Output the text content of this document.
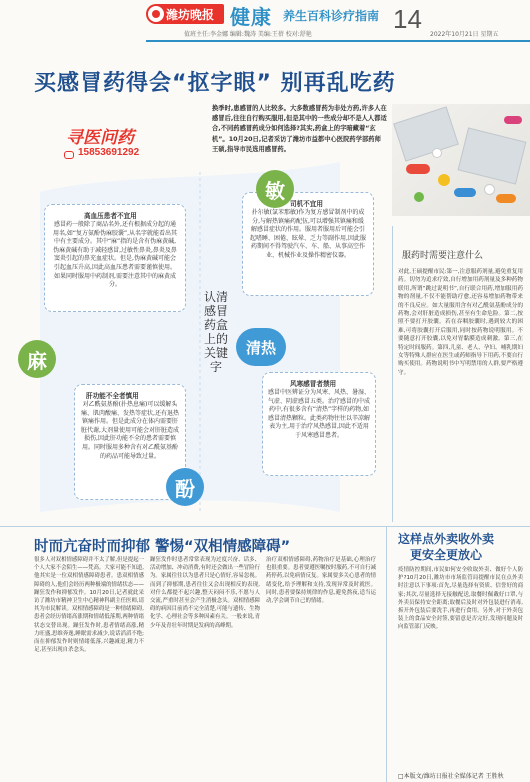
潍坊晚报 健康 养生百科诊疗指南 14
值班主任:李金娜 编辑:魏涛 美编:王蓓 校对:舒艳	2022年10月21日 星期五
买感冒药得会“抠字眼” 别再乱吃药
换季时,患感冒的人比较多。大多数感冒药为非处方药,许多人在感冒后,往往自行购买服用,但是其中的一些成分却不是人人都适合,不同药感冒药成分如何选择?其实,药盒上的字暗藏着“玄机”。10月20日,记者采访了潍坊市益都中心医院药学部药师王硕,指导市民选用感冒药。
寻医问药
15853691292
高血压患者不宜用
感冒药一般除了商品名外,还有根据成分起的通用名,如“复方氨酚伪麻胶囊”,从名字就能看出其中有主要成分。其中“麻”指的是含有伪麻黄碱,伪麻黄碱有助于减轻感冒,过敏性鼻炎,鼻炎及鼻窦炎引起的鼻充血症状。但是,伪麻黄碱可能会引起血压升高,因此高血压患者需要谨慎使用。如果同时服用中药制剂,需要注意其中的麻黄成分。
麻
司机不宜用
扑尔敏(氯苯那敏)作为复方感冒制剂中的成分,与解热镇痛药配伍,可以增强其镇痛和缓解感冒症状的作用。服用者服用后可能会引起嗜睡、困倦、眩晕、乏力等副作用,因此服药期间不得驾驶汽车、车、船、从事高空作业、机械作业及操作精密仪器。
敏
认清感冒药盒上的关键字
肝功能不全者慎用
对乙酰氨基酚(扑热息痛)可以缓解头痛、肌肉酸痛、发热等症状,还有退热镇痛作用。但是此成分在体内需要肝脏代谢,大剂量使用可能会对肝脏造成损伤,因此肝功能不全的患者需要慎用。同时服用多种含有对乙酰氨基酚的药品可能导致过量。
酚
风寒感冒者禁用
感冒中医辨证分为风寒、风热、暑湿、气虚、阴虚感冒五类。治疗感冒的中成药中,有很多含有“清热”字样的药物,如感冒清热颗粒。此类药物往往以辛凉解表为主,用于治疗风热感冒,因此不适用于风寒感冒患者。
清热
服药时需要注意什么
对此,王硕提醒市民:第一,注意服药剂量,避免重复用药。切勿为追求疗效,自行增加用药剂量及多种药物联用,所谓“跳过说明书”,自行联合用药,增加服用药物的剂量,不仅不能帮助疗愈,还容易增加药物带来的不良反应。如大量服用含有对乙酰氨基酚成分的药物,会对肝脏造成损伤,甚至有生命危险。第二,按照不要打开胶囊。若在吞咽胶囊时,遇到较大的困难,可将胶囊打开后服用,同时按药物说明服用。不要随意打开胶囊,以免对胃黏膜造成刺激。第三,在特定时间服药。第四,儿童、老人、孕妇、哺乳期妇女等特殊人群应在医生或药师指导下用药,不要自行购买使用。药物说明书中写明禁用的人群,要严格遵守。
时而亢奋时而抑郁 警惕“双相情感障碍”
很多人对双相情感障碍并不太了解,但是提起一个人大家不会陌生——梵高。大家可能不知道,他其实是一位双相情感障碍患者。患双相情感障碍的人,他们会经历两种极端的情绪状态——躁狂发作和抑郁发作。10月20日,记者就此采访了潍坊市精神卫生中心精神科副主任医师,请其为市民解读。双相情感障碍是一种情绪障碍,患者会经历情绪高涨期和情绪低落期,两种情绪状态交替出现。躁狂发作时,患者情绪高涨,精力旺盛,思维奔逸,睡眠需求减少,说话滔滔不绝;而在抑郁发作时则情绪低落,兴趣减退,精力不足,甚至出现自杀念头。
躁狂发作时患者常常表现为过度兴奋、话多、活动增加、冲动消费,有时还会做出一些冒险行为。家属往往以为患者只是心情好,容易忽视。而到了抑郁期,患者往往又会出现相反的表现,对什么都提不起兴趣,整天闷闷不乐,不愿与人交流,严重时甚至会产生消极念头。双相情感障碍的病因目前尚不完全清楚,可能与遗传、生物化学、心理社会等多种因素有关。一般来说,青少年及青壮年时期是发病的高峰期。
治疗双相情感障碍,药物治疗是基础,心理治疗也很重要。患者要遵医嘱按时服药,不可自行减药停药,以免病情反复。家属要多关心患者的情绪变化,给予理解和支持,发现异常及时就医。同时,患者要保持规律的作息,避免熬夜,适当运动,学会调节自己的情绪。
这样点外卖收外卖
更安全更放心
疫情防控期间,市民如何安全收取外卖、做好个人防护?10月20日,潍坊市市场监管局提醒市民在点外卖时注意以下事项:首先,尽量选择有资质、信誉好的商家;其次,尽量选择无接触配送,取餐时佩戴好口罩,与外卖员保持安全距离;取餐后及时对外包装进行消毒,拆开外包装后要洗手,再进行食用。另外,对于外卖包装上的食品安全封签,要留意是否完好,发现问题及时向监管部门反映。
□本版文/潍坊日报社全媒体记者 王胜秋
